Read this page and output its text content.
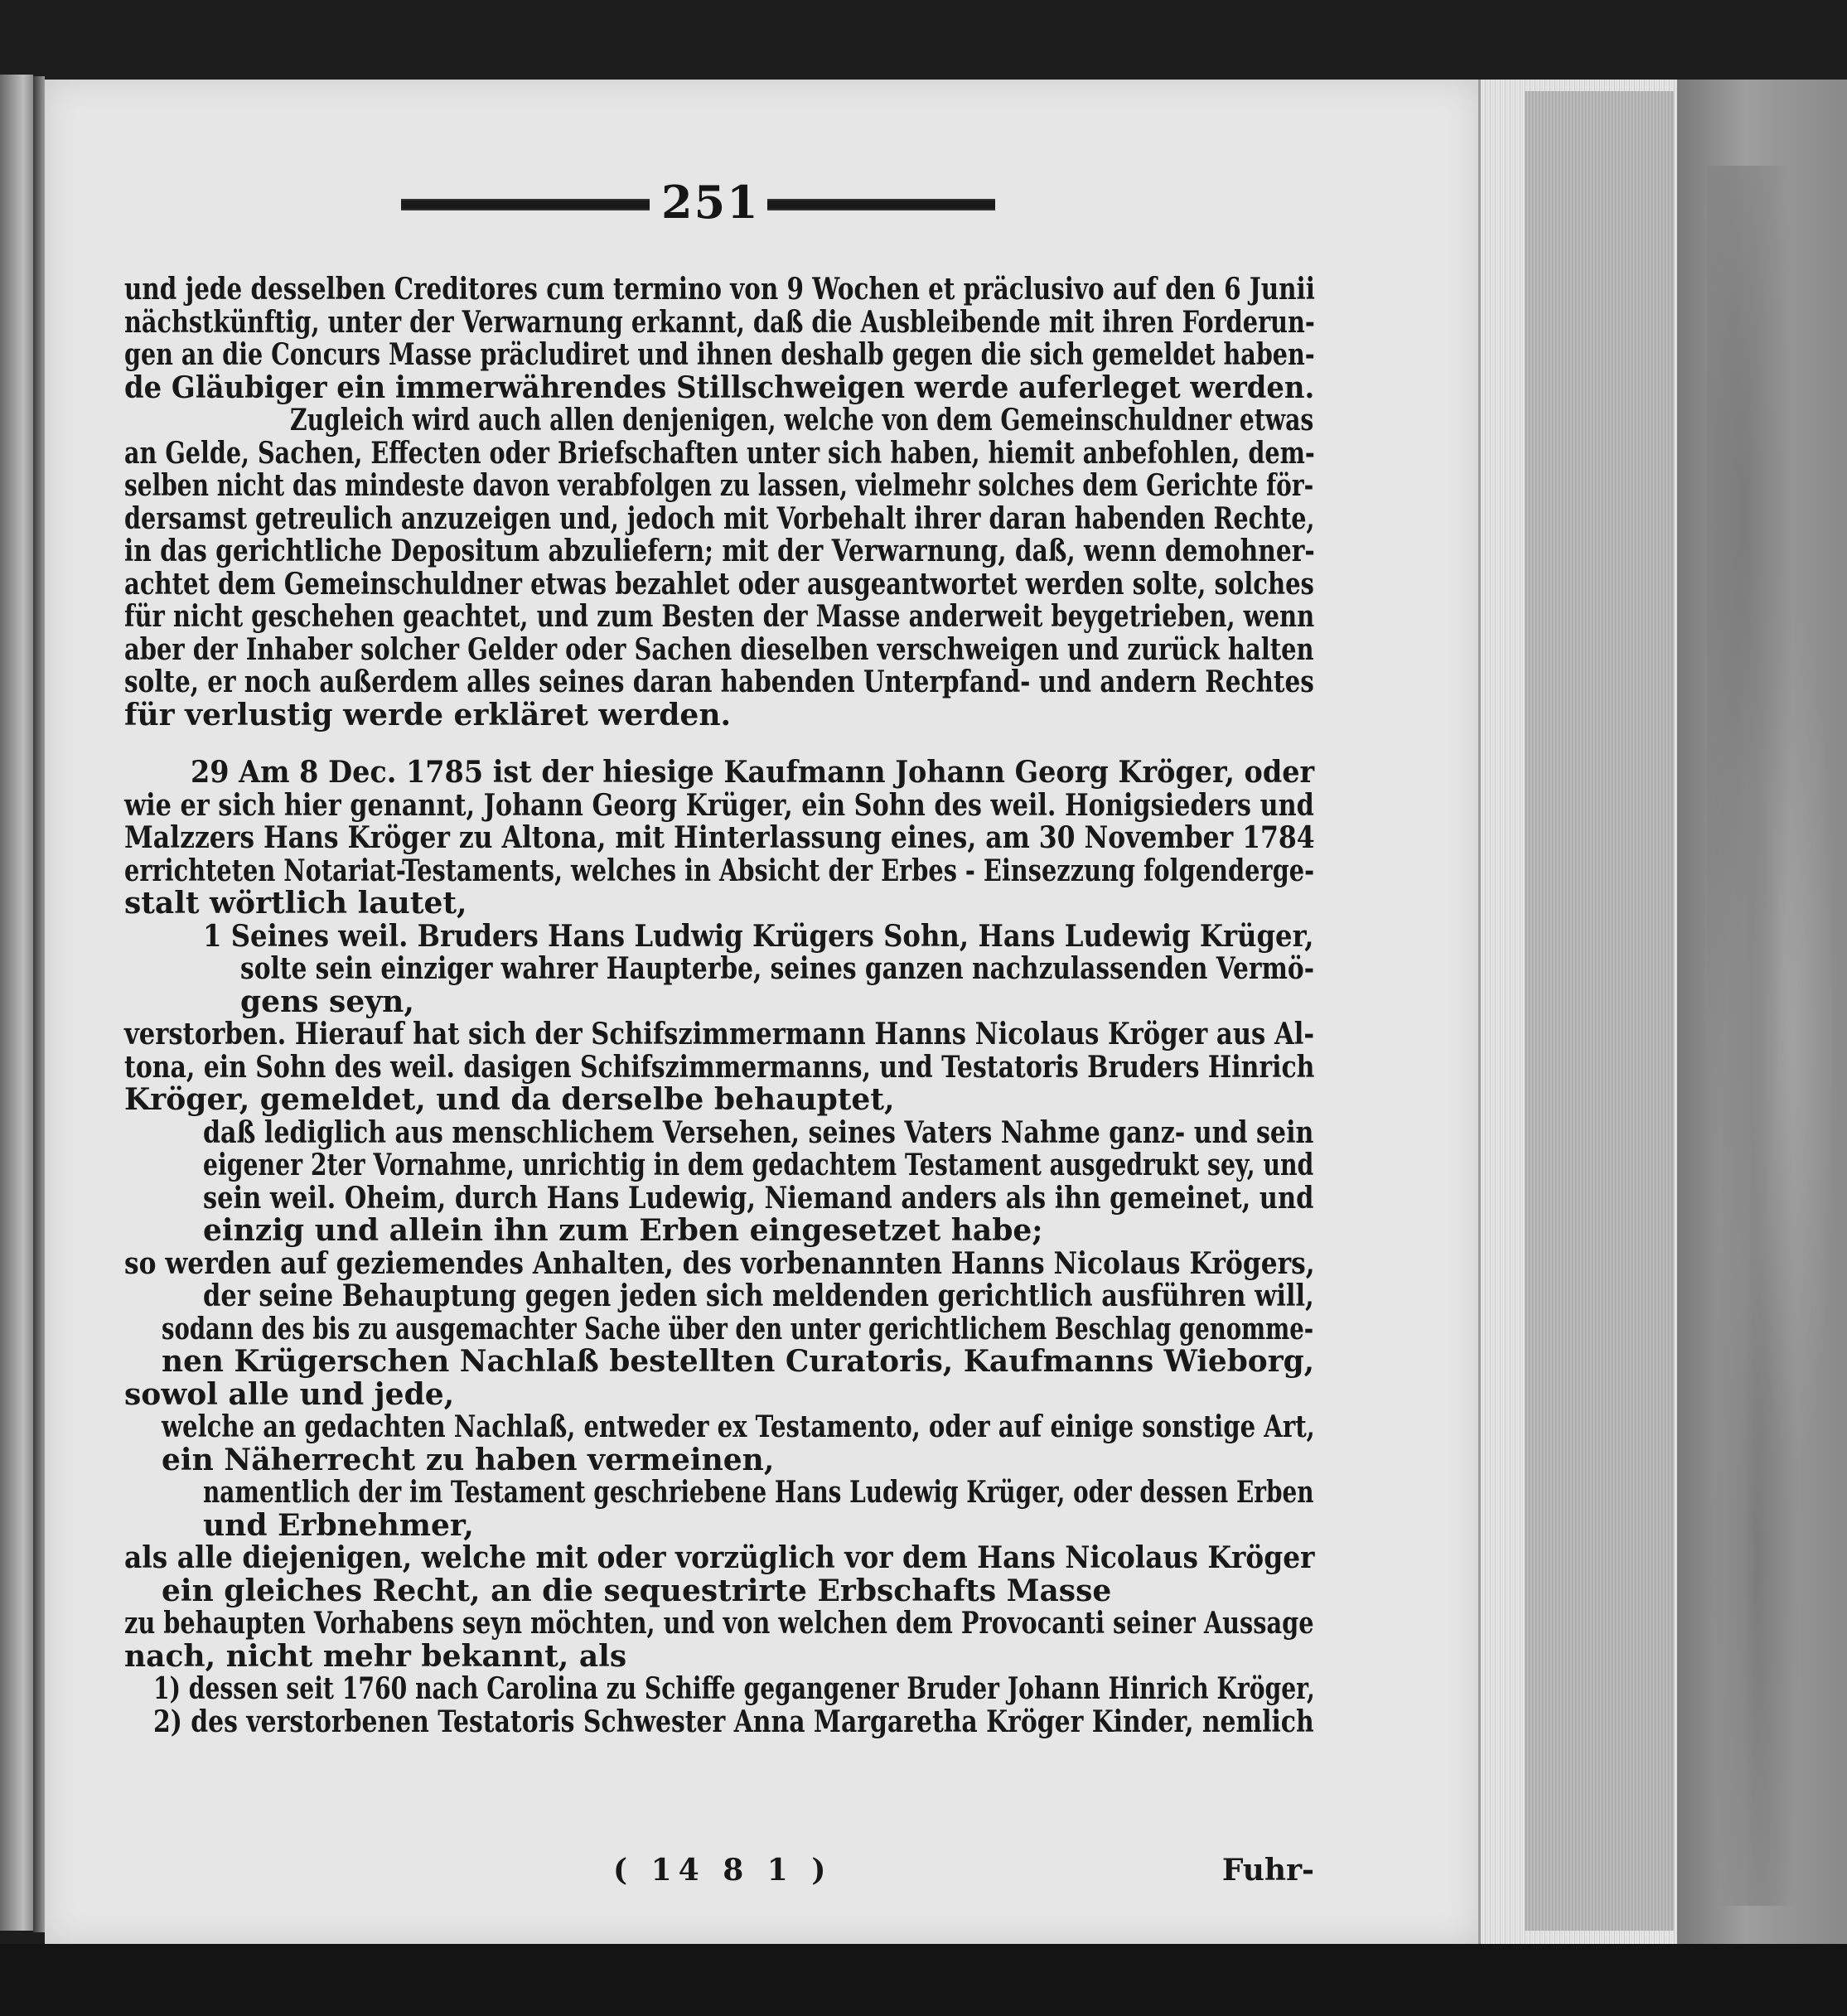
251
und jede desselben Creditores cum termino von 9 Wochen et präclusivo auf den 6 Junii
nächstkünftig, unter der Verwarnung erkannt, daß die Ausbleibende mit ihren Forderun-
gen an die Concurs Masse präcludiret und ihnen deshalb gegen die sich gemeldet haben-
de Gläubiger ein immerwährendes Stillschweigen werde auferleget werden.
Zugleich wird auch allen denjenigen, welche von dem Gemeinschuldner etwas
an Gelde, Sachen, Effecten oder Briefschaften unter sich haben, hiemit anbefohlen, dem-
selben nicht das mindeste davon verabfolgen zu lassen, vielmehr solches dem Gerichte för-
dersamst getreulich anzuzeigen und, jedoch mit Vorbehalt ihrer daran habenden Rechte,
in das gerichtliche Depositum abzuliefern; mit der Verwarnung, daß, wenn demohner-
achtet dem Gemeinschuldner etwas bezahlet oder ausgeantwortet werden solte, solches
für nicht geschehen geachtet, und zum Besten der Masse anderweit beygetrieben, wenn
aber der Inhaber solcher Gelder oder Sachen dieselben verschweigen und zurück halten
solte, er noch außerdem alles seines daran habenden Unterpfand- und andern Rechtes
für verlustig werde erkläret werden.
29 Am 8 Dec. 1785 ist der hiesige Kaufmann Johann Georg Kröger, oder
wie er sich hier genannt, Johann Georg Krüger, ein Sohn des weil. Honigsieders und
Malzzers Hans Kröger zu Altona, mit Hinterlassung eines, am 30 November 1784
errichteten Notariat-Testaments, welches in Absicht der Erbes - Einsezzung folgenderge-
stalt wörtlich lautet,
1 Seines weil. Bruders Hans Ludwig Krügers Sohn, Hans Ludewig Krüger,
solte sein einziger wahrer Haupterbe, seines ganzen nachzulassenden Vermö-
gens seyn,
verstorben. Hierauf hat sich der Schifszimmermann Hanns Nicolaus Kröger aus Al-
tona, ein Sohn des weil. dasigen Schifszimmermanns, und Testatoris Bruders Hinrich
Kröger, gemeldet, und da derselbe behauptet,
daß lediglich aus menschlichem Versehen, seines Vaters Nahme ganz- und sein
eigener 2ter Vornahme, unrichtig in dem gedachtem Testament ausgedrukt sey, und
sein weil. Oheim, durch Hans Ludewig, Niemand anders als ihn gemeinet, und
einzig und allein ihn zum Erben eingesetzet habe;
so werden auf geziemendes Anhalten, des vorbenannten Hanns Nicolaus Krögers,
der seine Behauptung gegen jeden sich meldenden gerichtlich ausführen will,
sodann des bis zu ausgemachter Sache über den unter gerichtlichem Beschlag genomme-
nen Krügerschen Nachlaß bestellten Curatoris, Kaufmanns Wieborg,
sowol alle und jede,
welche an gedachten Nachlaß, entweder ex Testamento, oder auf einige sonstige Art,
ein Näherrecht zu haben vermeinen,
namentlich der im Testament geschriebene Hans Ludewig Krüger, oder dessen Erben
und Erbnehmer,
als alle diejenigen, welche mit oder vorzüglich vor dem Hans Nicolaus Kröger
ein gleiches Recht, an die sequestrirte Erbschafts Masse
zu behaupten Vorhabens seyn möchten, und von welchen dem Provocanti seiner Aussage
nach, nicht mehr bekannt, als
1) dessen seit 1760 nach Carolina zu Schiffe gegangener Bruder Johann Hinrich Kröger,
2) des verstorbenen Testatoris Schwester Anna Margaretha Kröger Kinder, nemlich
( 14 8 1 )	Fuhr-
